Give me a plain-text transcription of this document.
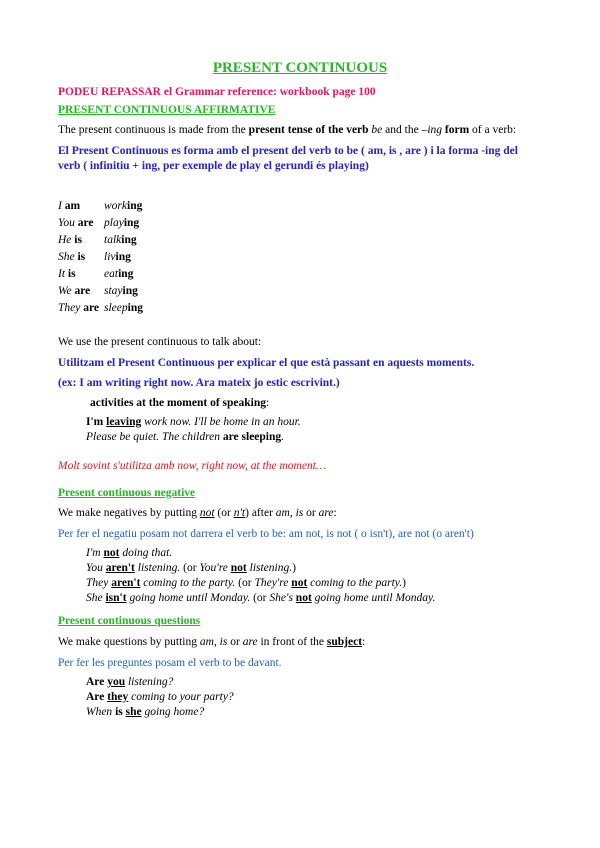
PRESENT CONTINUOUS
PODEU REPASSAR el Grammar reference: workbook page 100
PRESENT CONTINUOUS AFFIRMATIVE
The present continuous is made from the present tense of the verb be and the –ing form of a verb:
El Present Continuous es forma amb el present del verb to be ( am, is , are ) i la forma -ing del
verb ( infinitiu + ing, per exemple de play el gerundi és playing)
I am	working
You are	playing
He is	talking
She is	living
It is	eating
We are	staying
They are	sleeping
We use the present continuous to talk about:
Utilitzam el Present Continuous per explicar el que està passant en aquests moments.
(ex: I am writing right now. Ara mateix jo estic escrivint.)
activities at the moment of speaking:
I'm leaving work now. I'll be home in an hour.
Please be quiet. The children are sleeping.
Molt sovint s'utilitza amb now, right now, at the moment…
Present continuous negative
We make negatives by putting not (or n't) after am, is or are:
Per fer el negatiu posam not darrera el verb to be: am not, is not ( o isn't), are not (o aren't)
I'm not doing that.
You aren't listening. (or You're not listening.)
They aren't coming to the party. (or They're not coming to the party.)
She isn't going home until Monday. (or She's not going home until Monday.
Present continuous questions
We make questions by putting am, is or are in front of the subject:
Per fer les preguntes posam el verb to be davant.
Are you listening?
Are they coming to your party?
When is she going home?
